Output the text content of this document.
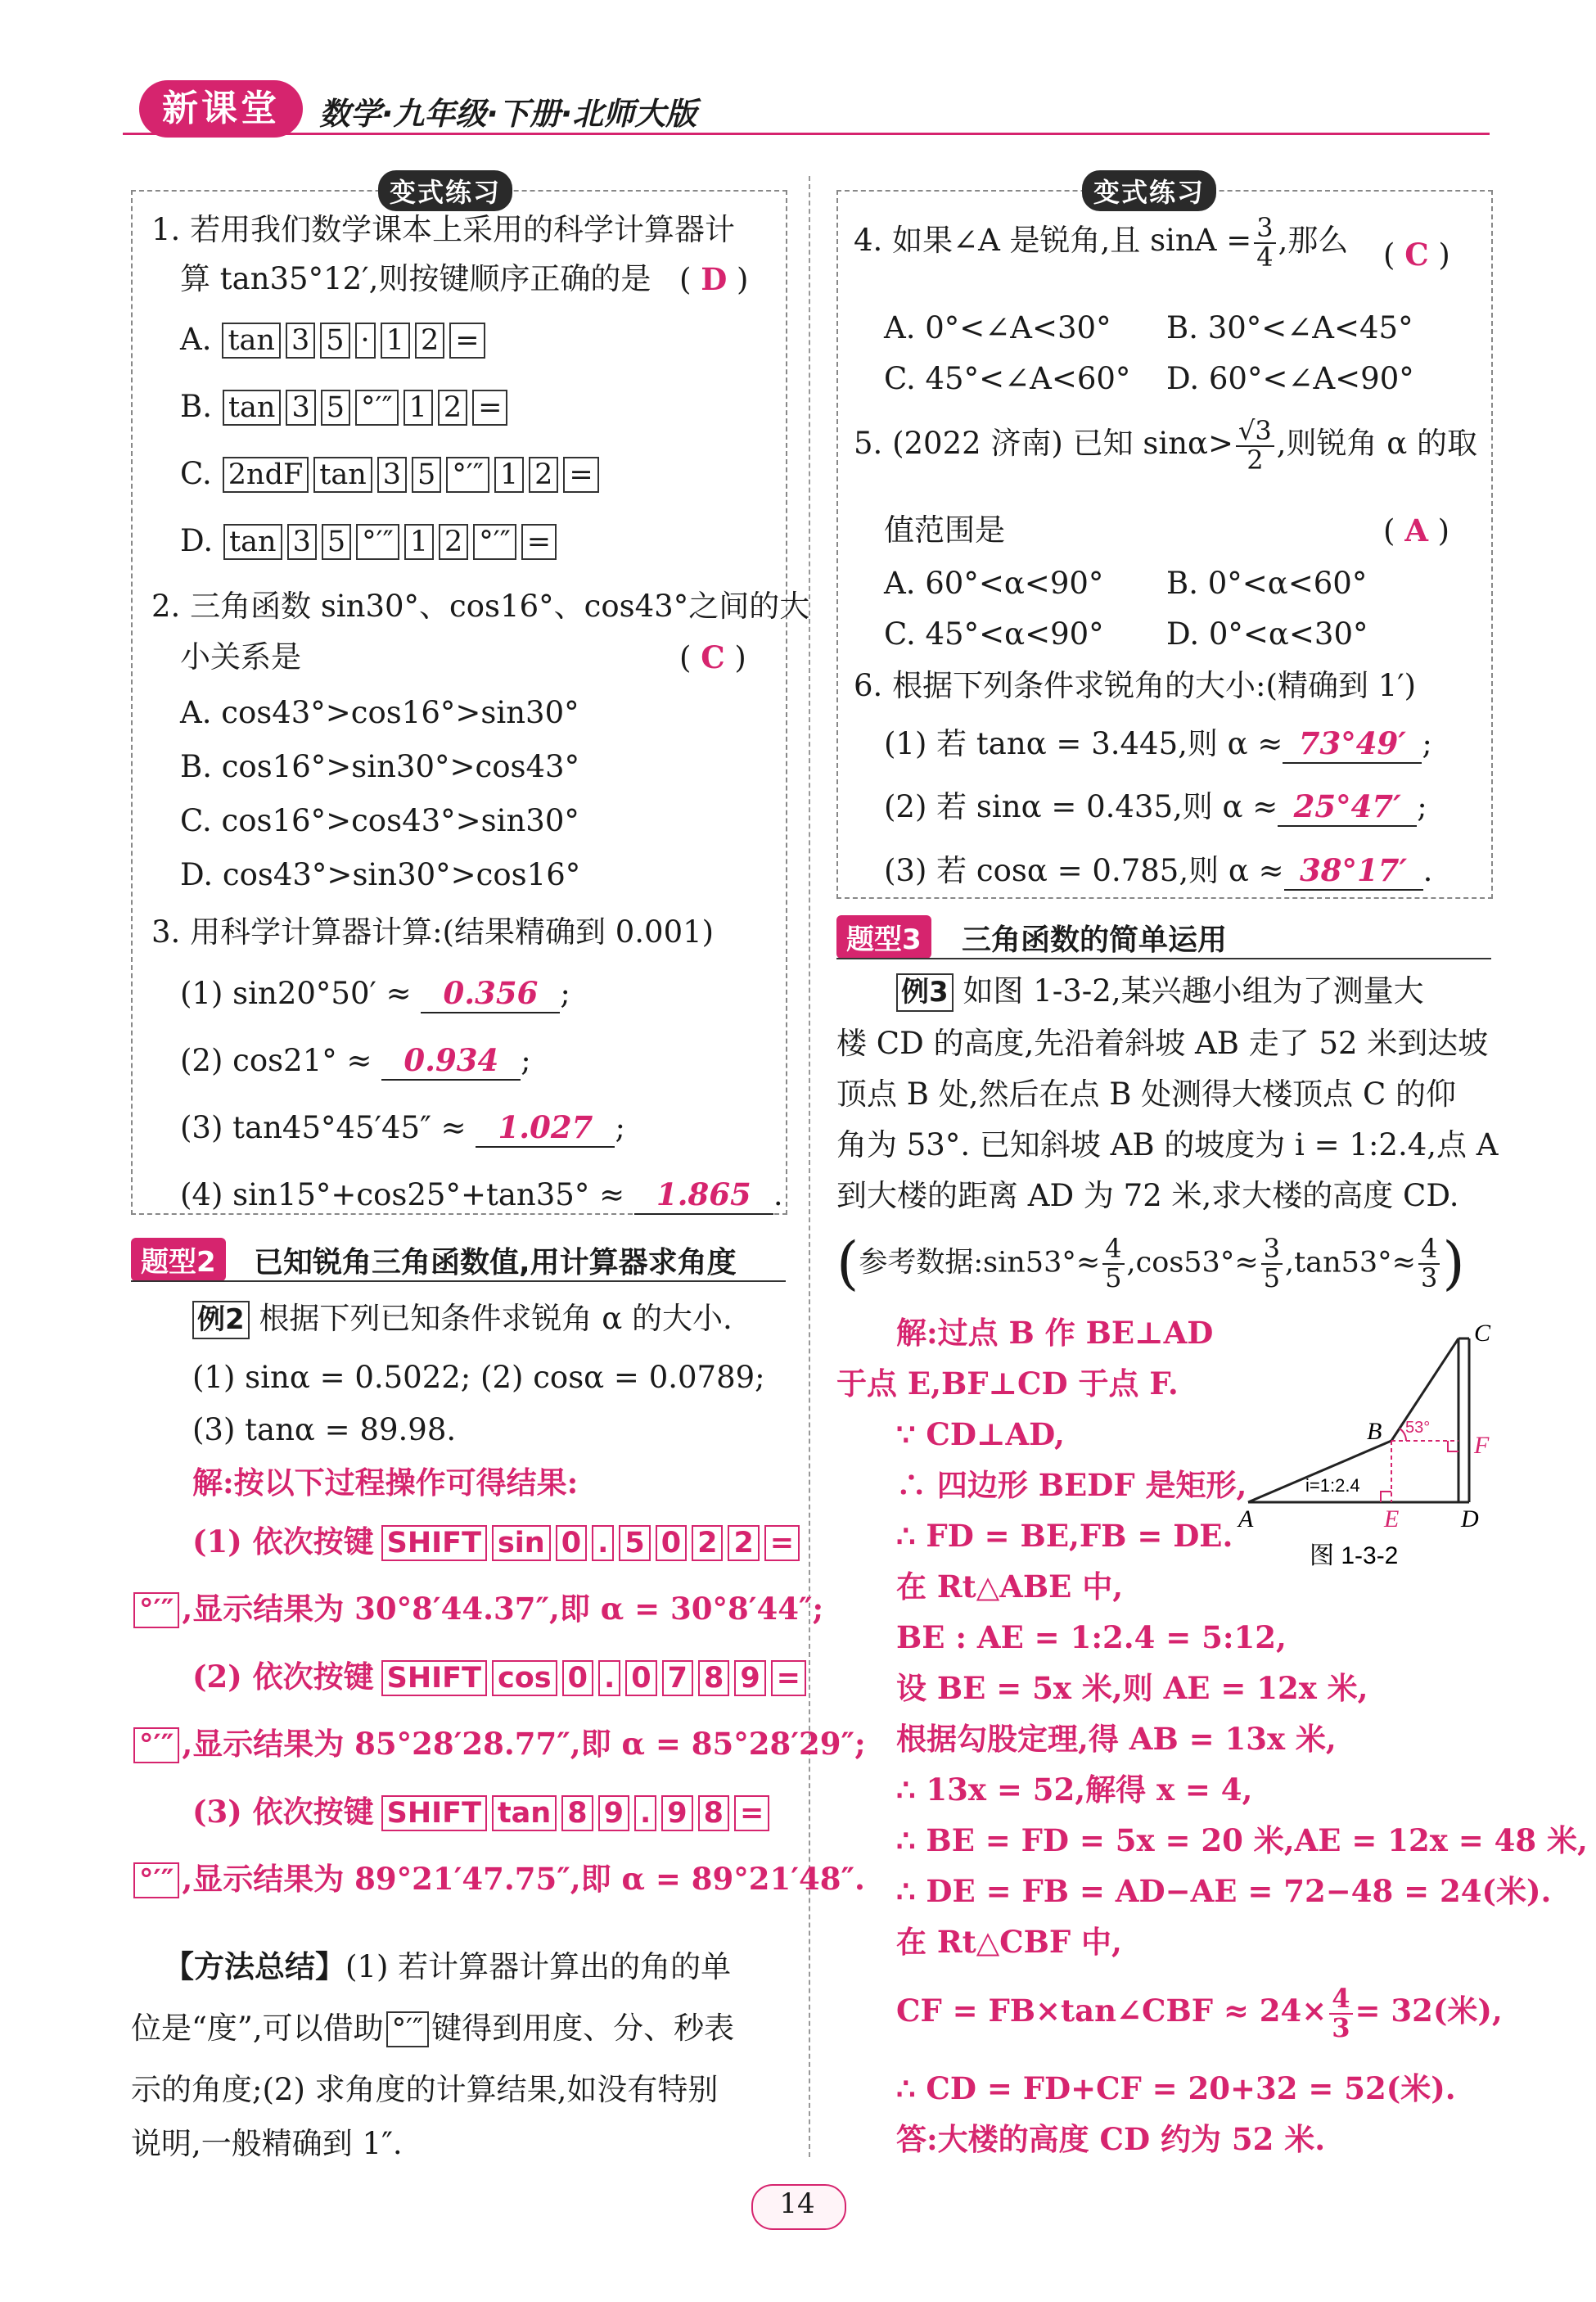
新课堂	数学·九年级·下册·北师大版
变式练习
1. 若用我们数学课本上采用的科学计算器计
算 tan35°12′,则按键顺序正确的是 ( D )
A. tan 3 5 · 1 2 =
B. tan 3 5 °′″ 1 2 =
C. 2ndF tan 3 5 °′″ 1 2 =
D. tan 3 5 °′″ 1 2 °′″ =
2. 三角函数 sin30°、cos16°、cos43°之间的大
小关系是	( C )
A. cos43°>cos16°>sin30°
B. cos16°>sin30°>cos43°
C. cos16°>cos43°>sin30°
D. cos43°>sin30°>cos16°
3. 用科学计算器计算:(结果精确到 0.001)
(1) sin20°50′ ≈ 0.356 ;
(2) cos21° ≈ 0.934 ;
(3) tan45°45′45″ ≈ 1.027 ;
(4) sin15°+cos25°+tan35° ≈ 1.865 .
题型2	已知锐角三角函数值,用计算器求角度
例2 根据下列已知条件求锐角 α 的大小.
(1) sinα = 0.5022; (2) cosα = 0.0789;
(3) tanα = 89.98.
解:按以下过程操作可得结果:
(1) 依次按键 SHIFT sin 0 . 5 0 2 2 =
°′″ ,显示结果为 30°8′44.37″,即 α = 30°8′44″;
(2) 依次按键 SHIFT cos 0 . 0 7 8 9 =
°′″ ,显示结果为 85°28′28.77″,即 α = 85°28′29″;
(3) 依次按键 SHIFT tan 8 9 . 9 8 =
°′″ ,显示结果为 89°21′47.75″,即 α = 89°21′48″.
【方法总结】(1) 若计算器计算出的角的单
位是“度”,可以借助 °′″ 键得到用度、分、秒表
示的角度;(2) 求角度的计算结果,如没有特别
说明,一般精确到 1″.
变式练习
4. 如果∠A 是锐角,且 $\sin A = \frac{3}{4}$ ,那么 ( C )
A. 0°<∠A<30° B. 30°<∠A<45°
C. 45°<∠A<60° D. 60°<∠A<90°
5. (2022 济南) 已知 $\sin\alpha> \frac{√3}{2}$ ,则锐角 α 的取
值范围是	( A )
A. 60°<α<90° B. 0°<α<60°
C. 45°<α<90° D. 0°<α<30°
6. 根据下列条件求锐角的大小:(精确到 1′)
(1) 若 tanα = 3.445,则 α ≈ 73°49′ ;
(2) 若 sinα = 0.435,则 α ≈ 25°47′ ;
(3) 若 cosα = 0.785,则 α ≈ 38°17′ .
题型3	三角函数的简单运用
例3 如图 1-3-2,某兴趣小组为了测量大
楼 CD 的高度,先沿着斜坡 AB 走了 52 米到达坡
顶点 B 处,然后在点 B 处测得大楼顶点 C 的仰
角为 53°. 已知斜坡 AB 的坡度为 i = 1:2.4,点 A
到大楼的距离 AD 为 72 米,求大楼的高度 CD.
(参考数据:sin53°≈ $\frac{4}{5} ,\cos 53^\circ\approx \frac{3}{5} ,\tan 53^\circ\approx \frac{4}{3}$ )
解:过点 B 作 BE⊥AD
于点 E,BF⊥CD 于点 F.
∵ CD⊥AD,
∴ 四边形 BEDF 是矩形,
∴ FD = BE,FB = DE.
在 Rt△ABE 中,
BE : AE = 1:2.4 = 5:12,
设 BE = 5x 米,则 AE = 12x 米,
根据勾股定理,得 AB = 13x 米,
∴ 13x = 52,解得 x = 4,
∴ BE = FD = 5x = 20 米,AE = 12x = 48 米,
∴ DE = FB = AD−AE = 72−48 = 24(米).
在 Rt△CBF 中,
CF = FB×tan∠CBF ≈ $24\times \frac{4}{3} = 32$(米),
∴ CD = FD+CF = 20+32 = 52(米).
答:大楼的高度 CD 约为 52 米.
A
B
C
D
E
F
53°
i=1:2.4
图 1-3-2
14
